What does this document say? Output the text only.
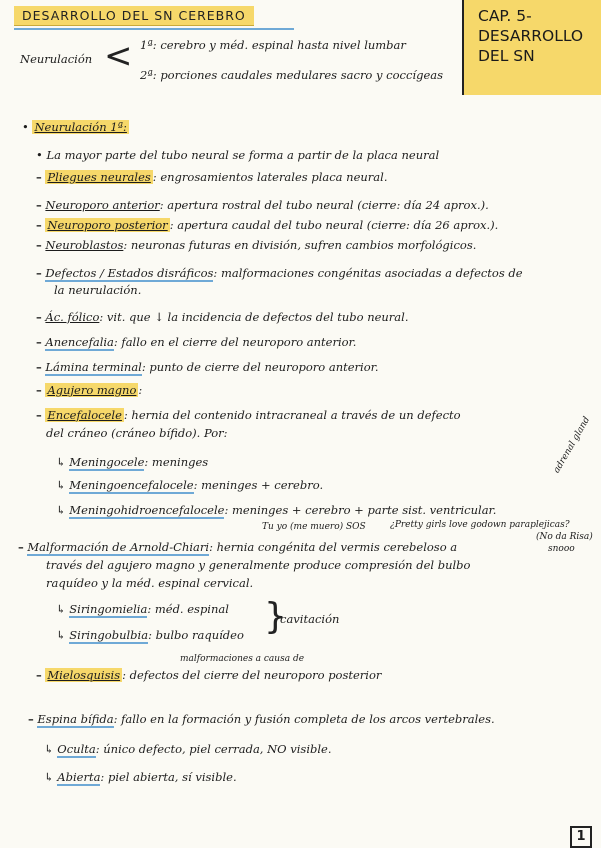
DESARROLLO DEL SN CEREBRO	CAP. 5-
DESARROLLO
DEL SN
Neurulación < 1ª: cerebro y méd. espinal hasta nivel lumbar
2ª: porciones caudales medulares sacro y coccígeas
• Neurulación 1ª:
• La mayor parte del tubo neural se forma a partir de la placa neural
– Pliegues neurales : engrosamientos laterales placa neural.
– Neuroporo anterior: apertura rostral del tubo neural (cierre: día 24 aprox.).
– Neuroporo posterior : apertura caudal del tubo neural (cierre: día 26 aprox.).
– Neuroblastos: neuronas futuras en división, sufren cambios morfológicos.
– Defectos / Estados disráficos: malformaciones congénitas asociadas a defectos de
la neurulación.
– Ác. fólico: vit. que ↓ la incidencia de defectos del tubo neural.
– Anencefalia: fallo en el cierre del neuroporo anterior.
– Lámina terminal: punto de cierre del neuroporo anterior.
– Agujero magno :
– Encefalocele : hernia del contenido intracraneal a través de un defecto
del cráneo (cráneo bífido). Por:
↳ Meningocele: meninges
↳ Meningoencefalocele: meninges + cerebro.
↳ Meningohidroencefalocele: meninges + cerebro + parte sist. ventricular.
Tu yo (me muero) SOS	¿Pretty girls love godown paraplejicas?
(No da Risa)
snooo
– Malformación de Arnold-Chiari: hernia congénita del vermis cerebeloso a
través del agujero magno y generalmente produce compresión del bulbo
raquídeo y la méd. espinal cervical.
↳ Siringomielia: méd. espinal
↳ Siringobulbia: bulbo raquídeo }
cavitación
malformaciones a causa de
– Mielosquisis : defectos del cierre del neuroporo posterior
– Espina bífida: fallo en la formación y fusión completa de los arcos vertebrales.
↳ Oculta: único defecto, piel cerrada, NO visible.
↳ Abierta: piel abierta, sí visible.
adrenal gland
1
